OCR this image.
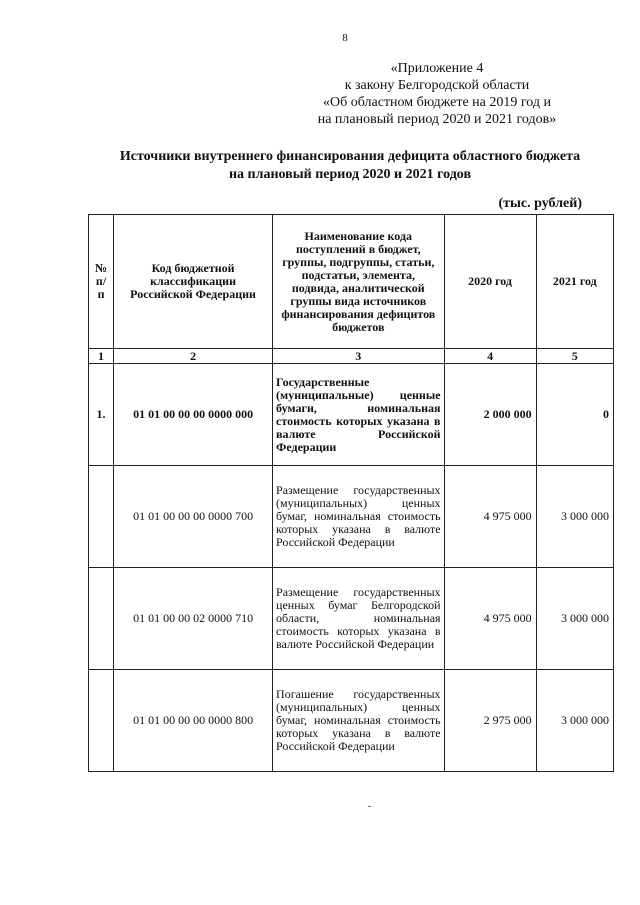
8
«Приложение 4
к закону Белгородской области
«Об областном бюджете на 2019 год и
на плановый период 2020 и 2021 годов»
Источники внутреннего финансирования дефицита областного бюджета
на плановый период 2020 и 2021 годов
(тыс. рублей)
№ п/п	Код бюджетной классификации Российской Федерации	Наименование кода поступлений в бюджет, группы, подгруппы, статьи, подстатьи, элемента, подвида, аналитической группы вида источников финансирования дефицитов бюджетов	2020 год	2021 год
1	2	3	4	5
1.	01 01 00 00 00 0000 000	Государственные (муниципальные) ценные бумаги, номинальная стоимость которых указана в валюте Российской Федерации	2 000 000	0
	01 01 00 00 00 0000 700	Размещение государственных (муниципальных) ценных бумаг, номинальная стоимость которых указана в валюте Российской Федерации	4 975 000	3 000 000
	01 01 00 00 02 0000 710	Размещение государственных ценных бумаг Белгородской области, номинальная стоимость которых указана в валюте Российской Федерации	4 975 000	3 000 000
	01 01 00 00 00 0000 800	Погашение государственных (муниципальных) ценных бумаг, номинальная стоимость которых указана в валюте Российской Федерации	2 975 000	3 000 000
